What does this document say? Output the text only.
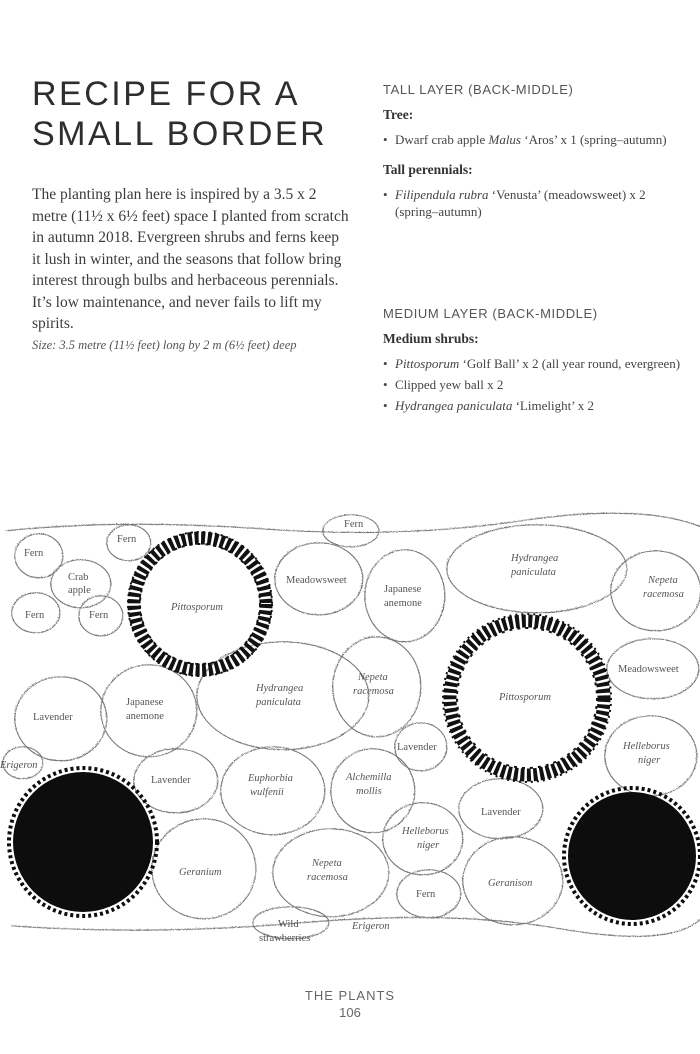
RECIPE FOR A
SMALL BORDER

The planting plan here is inspired by a 3.5 x 2 metre (11½ x 6½ feet) space I planted from scratch in autumn 2018. Evergreen shrubs and ferns keep it lush in winter, and the seasons that follow bring interest through bulbs and herbaceous perennials. It’s low maintenance, and never fails to lift my spirits.

Size: 3.5 metre (11½ feet) long by 2 m (6½ feet) deep

TALL LAYER (BACK-MIDDLE)
Tree:
• Dwarf crab apple Malus ‘Aros’ x 1 (spring–autumn)
Tall perennials:
• Filipendula rubra ‘Venusta’ (meadowsweet) x 2 (spring–autumn)
MEDIUM LAYER (BACK-MIDDLE)
Medium shrubs:
• Pittosporum ‘Golf Ball’ x 2 (all year round, evergreen)
• Clipped yew ball x 2
• Hydrangea paniculata ‘Limelight’ x 2
Fern
Fern
Fern
Crab
apple
Fern	Fern
Pittosporum
Meadowsweet
Japanese
anemone
Hydrangea
paniculata
Nepeta
racemosa
Meadowsweet
Pittosporum
Lavender
Japanese
anemone
Hydrangea
paniculata
Nepeta
racemosa
Lavender	Helleborus
niger
Erigeron
Lavender	Euphorbia
wulfenii
Alchemilla
mollis
Lavender
Helleborus
niger
Geranium
Nepeta
racemosa
Geranison
Fern
Wild
strawberries
Erigeron
THE PLANTS
106
